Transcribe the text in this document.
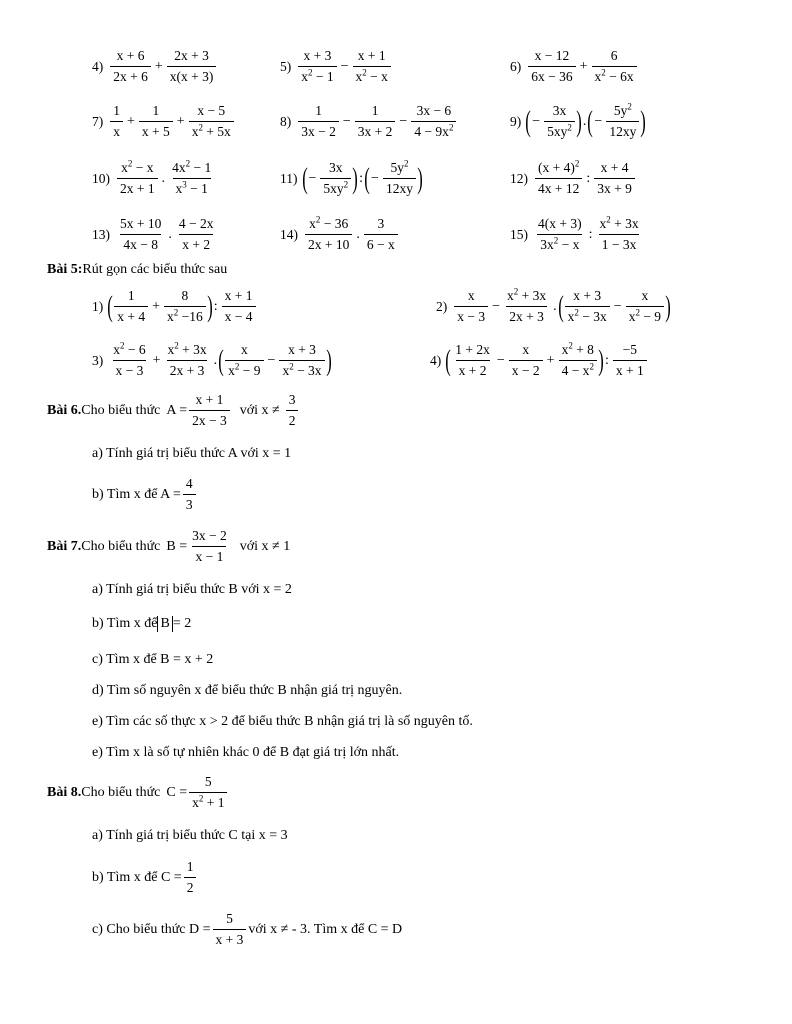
$4) \frac{x + 6}{2x + 6} + \frac{2x + 3}{x(x + 3)}$	$5) \frac{x + 3}{x^2 - 1} - \frac{x + 1}{x^2 - x}$	$6) \frac{x - 12}{6x - 36} + \frac{6}{x^2 - 6x}$
$7) \frac{1}{x} + \frac{1}{x + 5} + \frac{x - 5}{x^2 + 5x}$	$8) \frac{1}{3x - 2} - \frac{1}{3x + 2} - \frac{3x - 6}{4 - 9x^2}$	9) ( − $\frac{3x}{5xy^2}$ ) . ( − $\frac{5y^2}{12xy}$ )
$10) \frac{x^2 - x}{2x + 1}$ . $\frac{4x^2 - 1}{x^3 - 1}$	11) ( − $\frac{3x}{5xy^2}$ ) : ( − $\frac{5y^2}{12xy}$ )	$12) \frac{(x + 4)^2}{4x + 12}$ : $\frac{x + 4}{3x + 9}$
$13) \frac{5x + 10}{4x - 8}$ . $\frac{4 - 2x}{x + 2}$	$14) \frac{x^2 - 36}{2x + 10}$ . $\frac{3}{6 - x}$	$15) \frac{4(x + 3)}{3x^2 - x}$ : $\frac{x^2 + 3x}{1 - 3x}$
Bài 5: Rút gọn các biểu thức sau
1) ( $\frac{1}{x + 4} + \frac{8}{x^2 -16}$ ) : $\frac{x + 1}{x - 4}$	$2) \frac{x}{x - 3} - \frac{x^2 + 3x}{2x + 3}$ . ( $\frac{x + 3}{x^2 - 3x} - \frac{x}{x^2 - 9}$ )
$3) \frac{x^2 - 6}{x - 3} + \frac{x^2 + 3x}{2x + 3}$ . ( $\frac{x}{x^2 - 9} - \frac{x + 3}{x^2 - 3x}$ )	4) ( $\frac{1 + 2x}{x + 2} - \frac{x}{x - 2} + \frac{x^2 + 8}{4 - x^2}$ ) : $\frac{-5}{x + 1}$
Bài 6. Cho biểu thức $A = \frac{x + 1}{2x - 3}$ với $x \ne \frac{3}{2}$
a) Tính giá trị biểu thức A với x = 1
b) Tìm x để $A = \frac{4}{3}$
Bài 7. Cho biểu thức $B = \frac{3x - 2}{x - 1}$ với x ≠ 1
a) Tính giá trị biểu thức B với x = 2
b) Tìm x để B = 2
c) Tìm x để B = x + 2
d) Tìm số nguyên x để biểu thức B nhận giá trị nguyên.
e) Tìm các số thực x > 2 để biểu thức B nhận giá trị là số nguyên tố.
e) Tìm x là số tự nhiên khác 0 để B đạt giá trị lớn nhất.
Bài 8. Cho biểu thức $C = \frac{5}{x^2 + 1}$
a) Tính giá trị biểu thức C tại x = 3
b) Tìm x để $C = \frac{1}{2}$
c) Cho biểu thức $D = \frac{5}{x + 3}$ với x ≠ - 3. Tìm x để C = D
